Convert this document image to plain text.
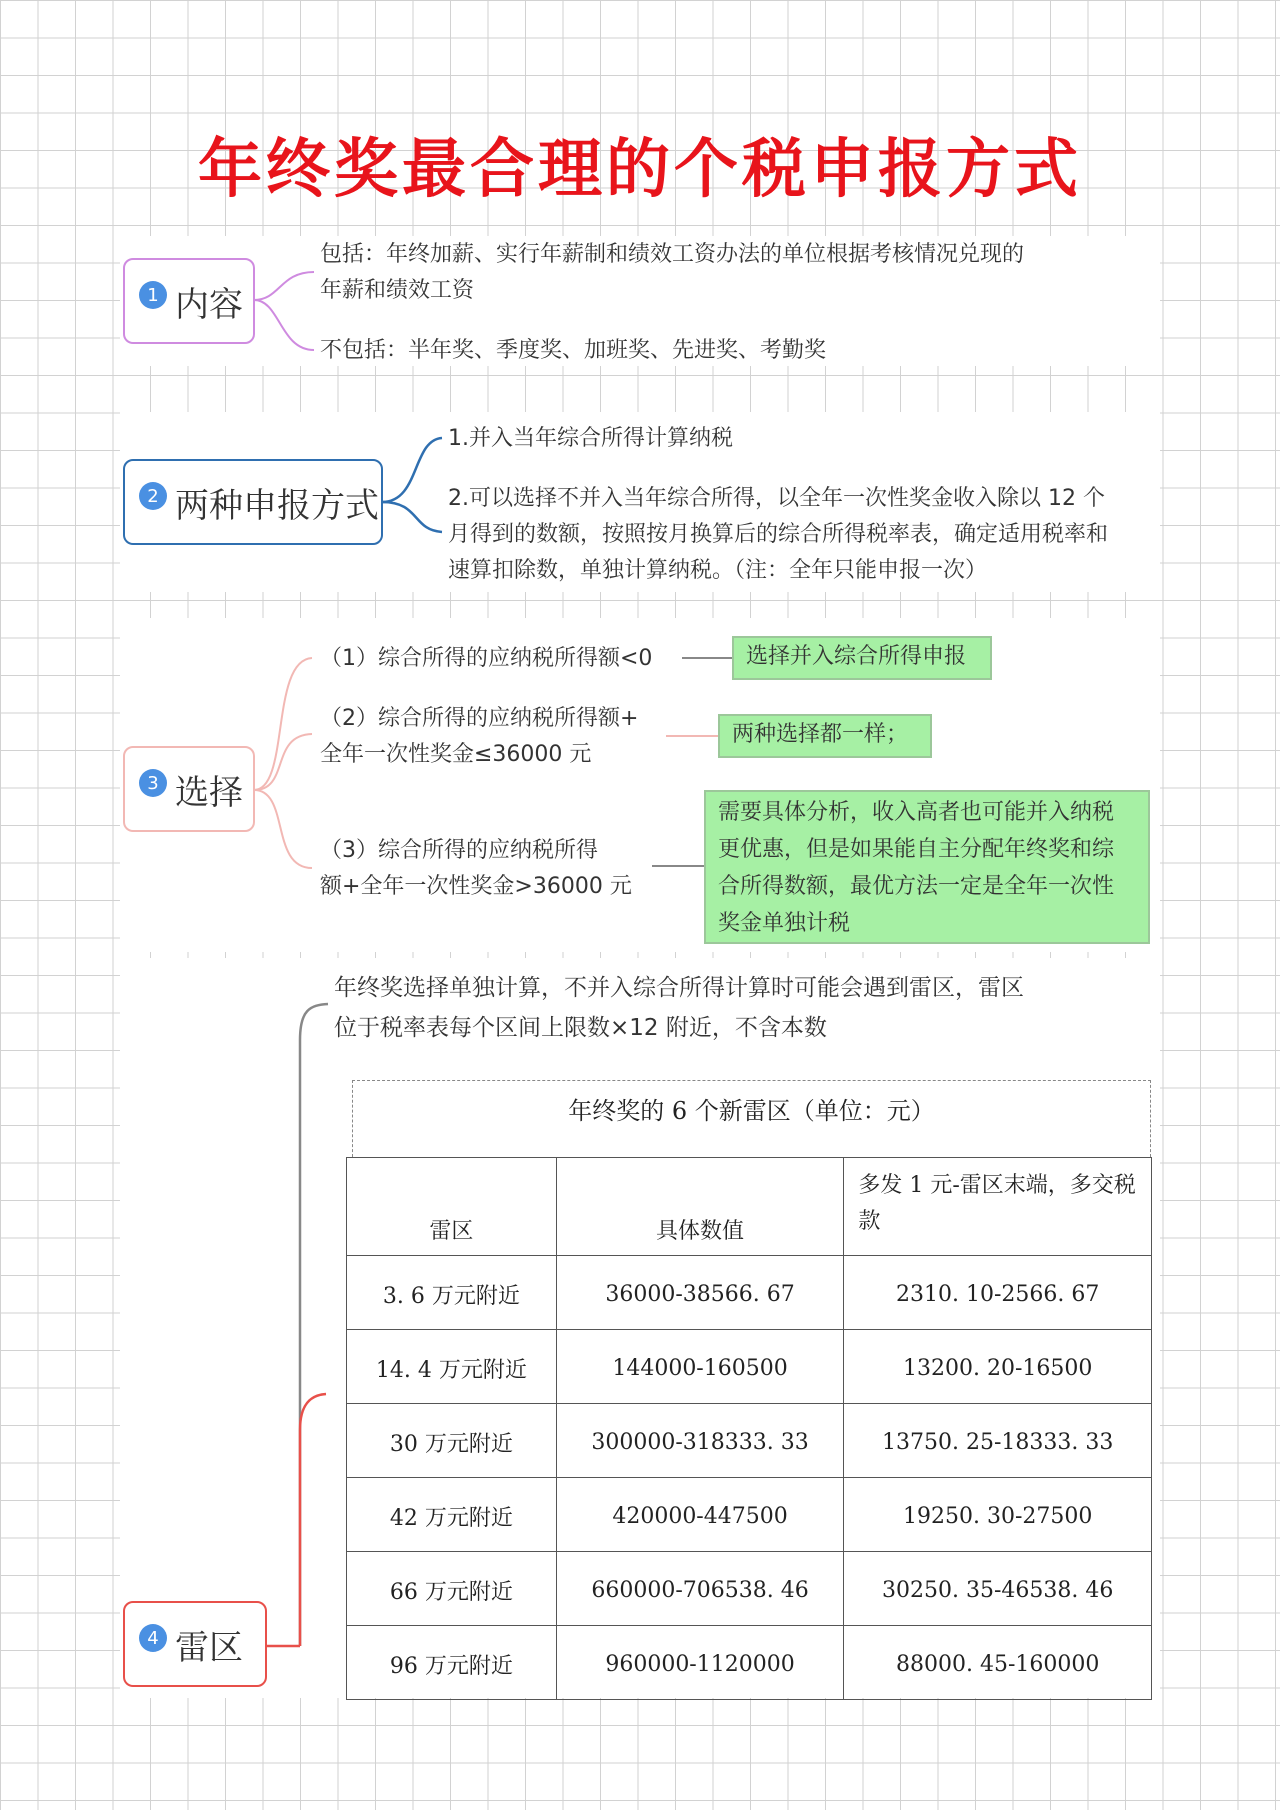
年终奖最合理的个税申报方式
1 内容
包括：年终加薪、实行年薪制和绩效工资办法的单位根据考核情况兑现的
年薪和绩效工资
不包括：半年奖、季度奖、加班奖、先进奖、考勤奖
2 两种申报方式
1.并入当年综合所得计算纳税
2.可以选择不并入当年综合所得，以全年一次性奖金收入除以 12 个
月得到的数额，按照按月换算后的综合所得税率表，确定适用税率和
速算扣除数，单独计算纳税。（注：全年只能申报一次）
3 选择
（1）综合所得的应纳税所得额<0	选择并入综合所得申报
（2）综合所得的应纳税所得额+
全年一次性奖金≤36000 元
两种选择都一样；
（3）综合所得的应纳税所得
额+全年一次性奖金>36000 元
需要具体分析，收入高者也可能并入纳税
更优惠，但是如果能自主分配年终奖和综
合所得数额，最优方法一定是全年一次性
奖金单独计税
4 雷区
年终奖选择单独计算，不并入综合所得计算时可能会遇到雷区，雷区
位于税率表每个区间上限数×12 附近，不含本数
年终奖的 6 个新雷区（单位：元）
雷区	具体数值	多发 1 元-雷区末端，多交税款
3. 6 万元附近	36000-38566. 67	2310. 10-2566. 67
14. 4 万元附近	144000-160500	13200. 20-16500
30 万元附近	300000-318333. 33	13750. 25-18333. 33
42 万元附近	420000-447500	19250. 30-27500
66 万元附近	660000-706538. 46	30250. 35-46538. 46
96 万元附近	960000-1120000	88000. 45-160000
